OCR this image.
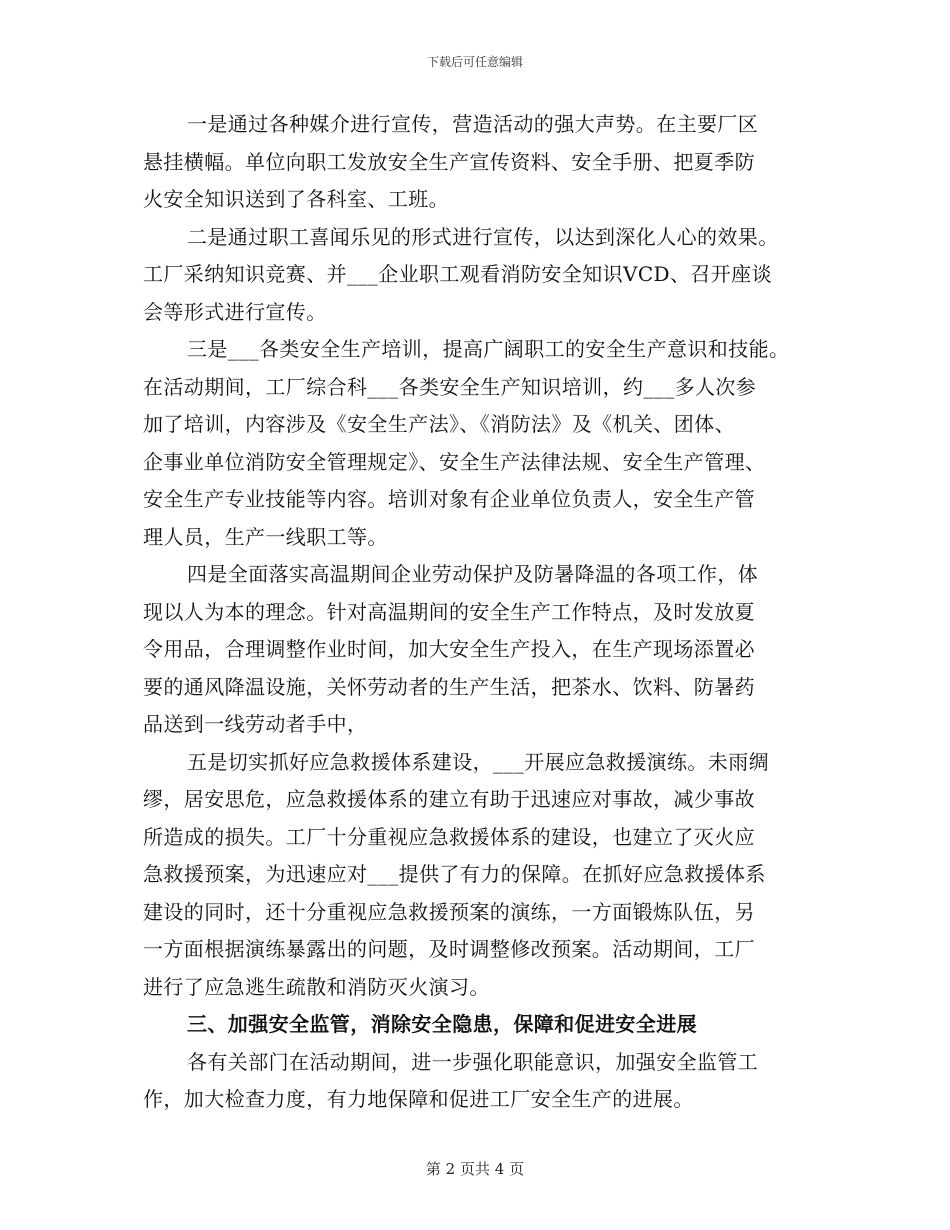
下载后可任意编辑
一是通过各种媒介进行宣传，营造活动的强大声势。在主要厂区
悬挂横幅。单位向职工发放安全生产宣传资料、安全手册、把夏季防
火安全知识送到了各科室、工班。
二是通过职工喜闻乐见的形式进行宣传，以达到深化人心的效果。
工厂采纳知识竞赛、并___企业职工观看消防安全知识VCD、召开座谈
会等形式进行宣传。
三是___各类安全生产培训，提高广阔职工的安全生产意识和技能。
在活动期间，工厂综合科___各类安全生产知识培训，约___多人次参
加了培训，内容涉及《安全生产法》、《消防法》及《机关、团体、
企事业单位消防安全管理规定》、安全生产法律法规、安全生产管理、
安全生产专业技能等内容。培训对象有企业单位负责人，安全生产管
理人员，生产一线职工等。
四是全面落实高温期间企业劳动保护及防暑降温的各项工作，体
现以人为本的理念。针对高温期间的安全生产工作特点，及时发放夏
令用品，合理调整作业时间，加大安全生产投入，在生产现场添置必
要的通风降温设施，关怀劳动者的生产生活，把茶水、饮料、防暑药
品送到一线劳动者手中，
五是切实抓好应急救援体系建设，___开展应急救援演练。未雨绸
缪，居安思危，应急救援体系的建立有助于迅速应对事故，减少事故
所造成的损失。工厂十分重视应急救援体系的建设，也建立了灭火应
急救援预案，为迅速应对___提供了有力的保障。在抓好应急救援体系
建设的同时，还十分重视应急救援预案的演练，一方面锻炼队伍，另
一方面根据演练暴露出的问题，及时调整修改预案。活动期间，工厂
进行了应急逃生疏散和消防灭火演习。
三、加强安全监管，消除安全隐患，保障和促进安全进展
各有关部门在活动期间，进一步强化职能意识，加强安全监管工
作，加大检查力度，有力地保障和促进工厂安全生产的进展。
第 2 页共 4 页
